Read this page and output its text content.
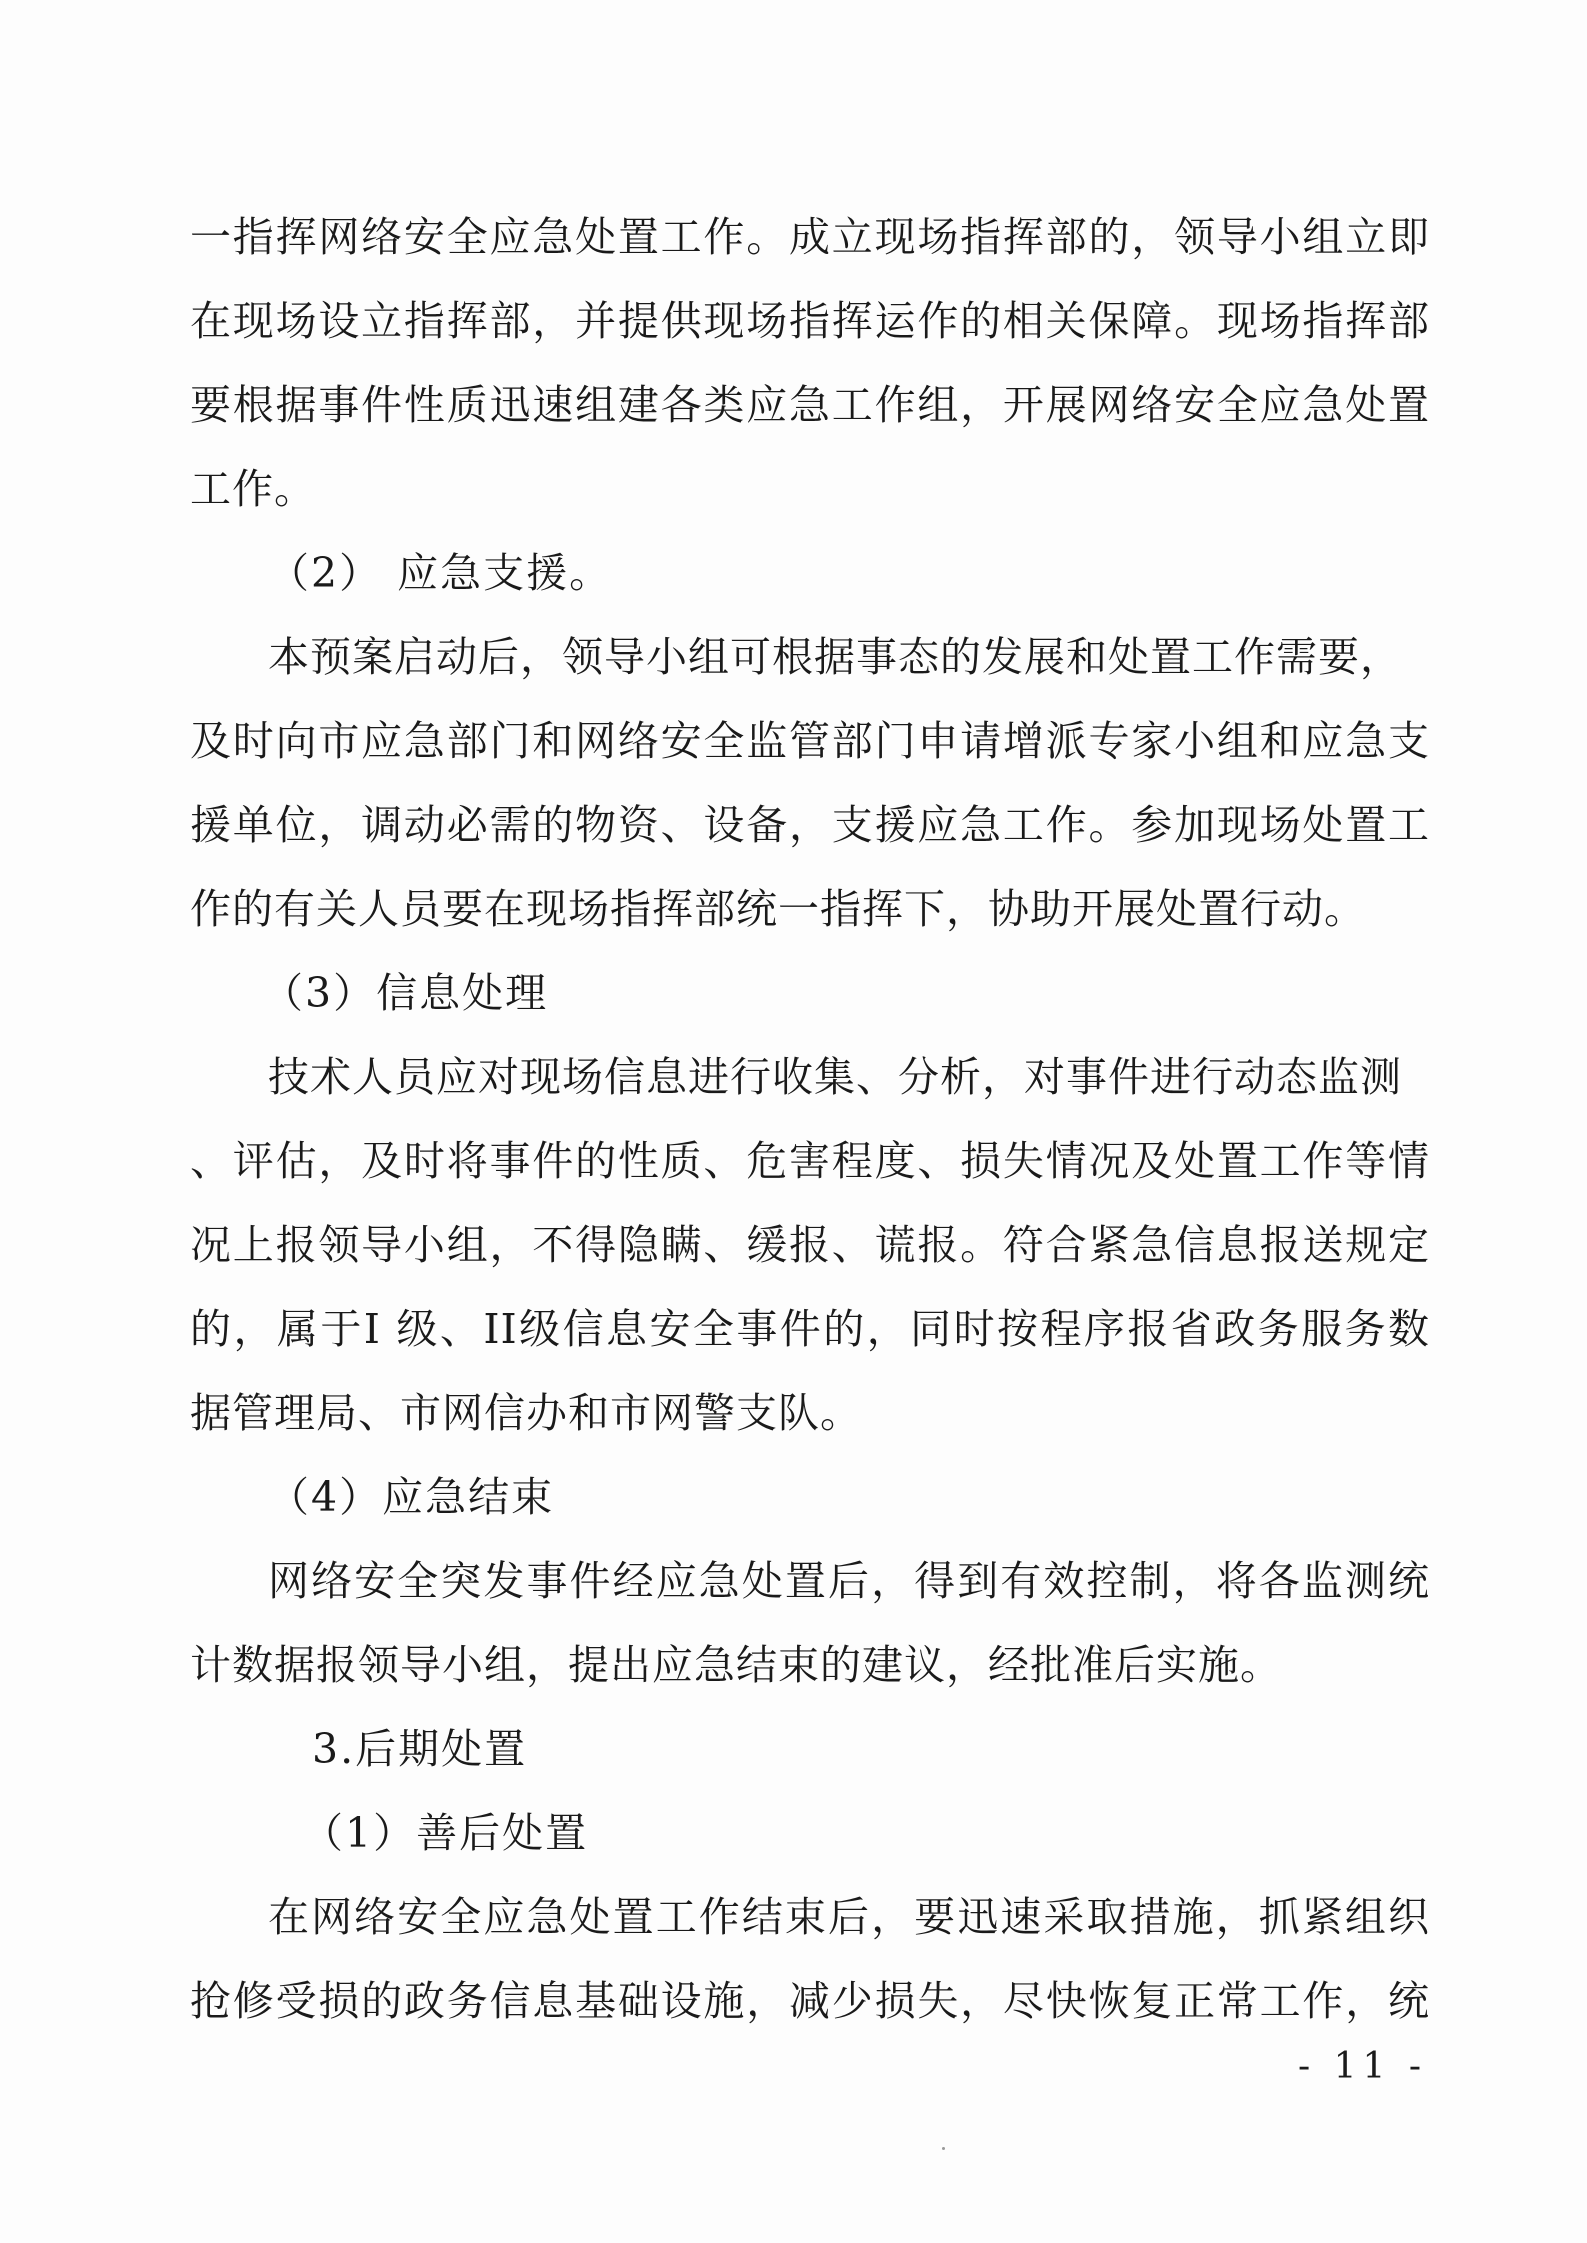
一指挥网络安全应急处置工作。成立现场指挥部的，领导小组立即
在现场设立指挥部，并提供现场指挥运作的相关保障。现场指挥部
要根据事件性质迅速组建各类应急工作组，开展网络安全应急处置
工作。
（2） 应急支援。
本预案启动后，领导小组可根据事态的发展和处置工作需要，
及时向市应急部门和网络安全监管部门申请增派专家小组和应急支
援单位，调动必需的物资、设备，支援应急工作。参加现场处置工
作的有关人员要在现场指挥部统一指挥下，协助开展处置行动。
（3）信息处理
技术人员应对现场信息进行收集、分析，对事件进行动态监测
、评估，及时将事件的性质、危害程度、损失情况及处置工作等情
况上报领导小组，不得隐瞒、缓报、谎报。符合紧急信息报送规定
的，属于I 级、II级信息安全事件的，同时按程序报省政务服务数
据管理局、市网信办和市网警支队。
（4）应急结束
网络安全突发事件经应急处置后，得到有效控制，将各监测统
计数据报领导小组，提出应急结束的建议，经批准后实施。
3.后期处置
（1）善后处置
在网络安全应急处置工作结束后，要迅速采取措施，抓紧组织
抢修受损的政务信息基础设施，减少损失，尽快恢复正常工作，统
- 11 -
